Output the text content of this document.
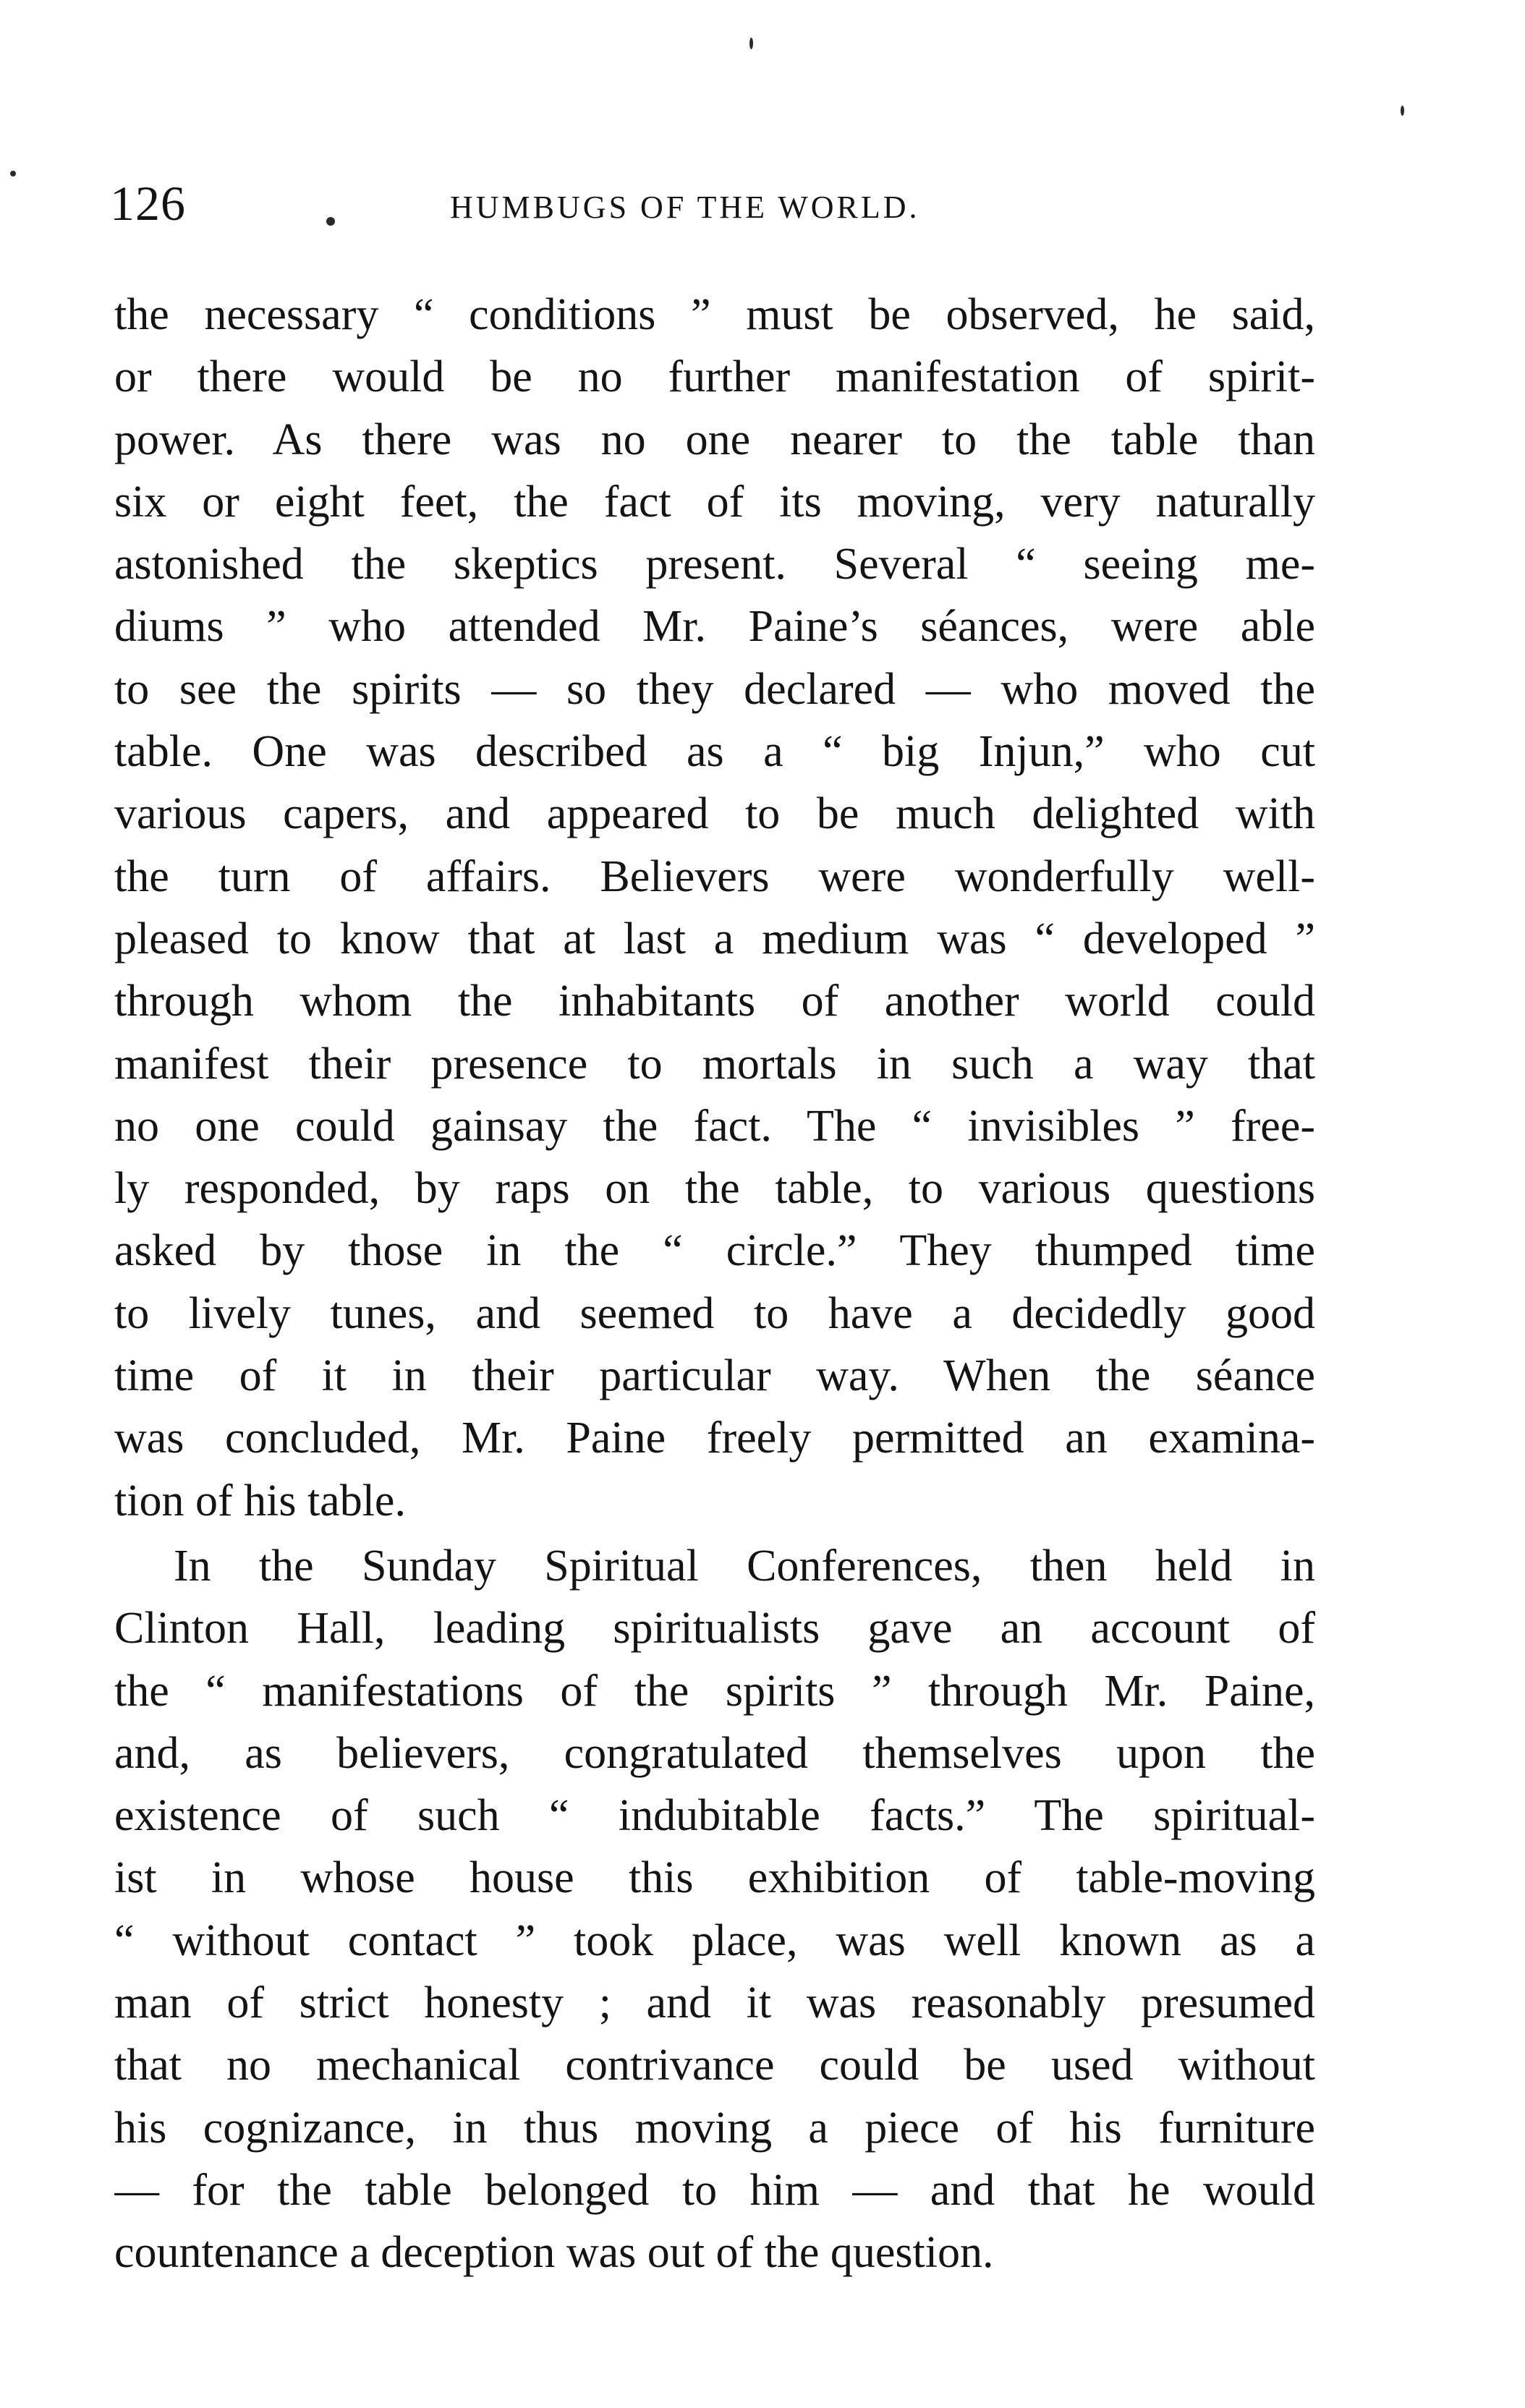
126	HUMBUGS OF THE WORLD.
the necessary “ conditions ” must be observed, he said,
or there would be no further manifestation of spirit-
power. As there was no one nearer to the table than
six or eight feet, the fact of its moving, very naturally
astonished the skeptics present. Several “ seeing me-
diums ” who attended Mr. Paine’s séances, were able
to see the spirits — so they declared — who moved the
table. One was described as a “ big Injun,” who cut
various capers, and appeared to be much delighted with
the turn of affairs. Believers were wonderfully well-
pleased to know that at last a medium was “ developed ”
through whom the inhabitants of another world could
manifest their presence to mortals in such a way that
no one could gainsay the fact. The “ invisibles ” free-
ly responded, by raps on the table, to various questions
asked by those in the “ circle.” They thumped time
to lively tunes, and seemed to have a decidedly good
time of it in their particular way. When the séance
was concluded, Mr. Paine freely permitted an examina-
tion of his table.
In the Sunday Spiritual Conferences, then held in
Clinton Hall, leading spiritualists gave an account of
the “ manifestations of the spirits ” through Mr. Paine,
and, as believers, congratulated themselves upon the
existence of such “ indubitable facts.” The spiritual-
ist in whose house this exhibition of table-moving
“ without contact ” took place, was well known as a
man of strict honesty ; and it was reasonably presumed
that no mechanical contrivance could be used without
his cognizance, in thus moving a piece of his furniture
— for the table belonged to him — and that he would
countenance a deception was out of the question.
